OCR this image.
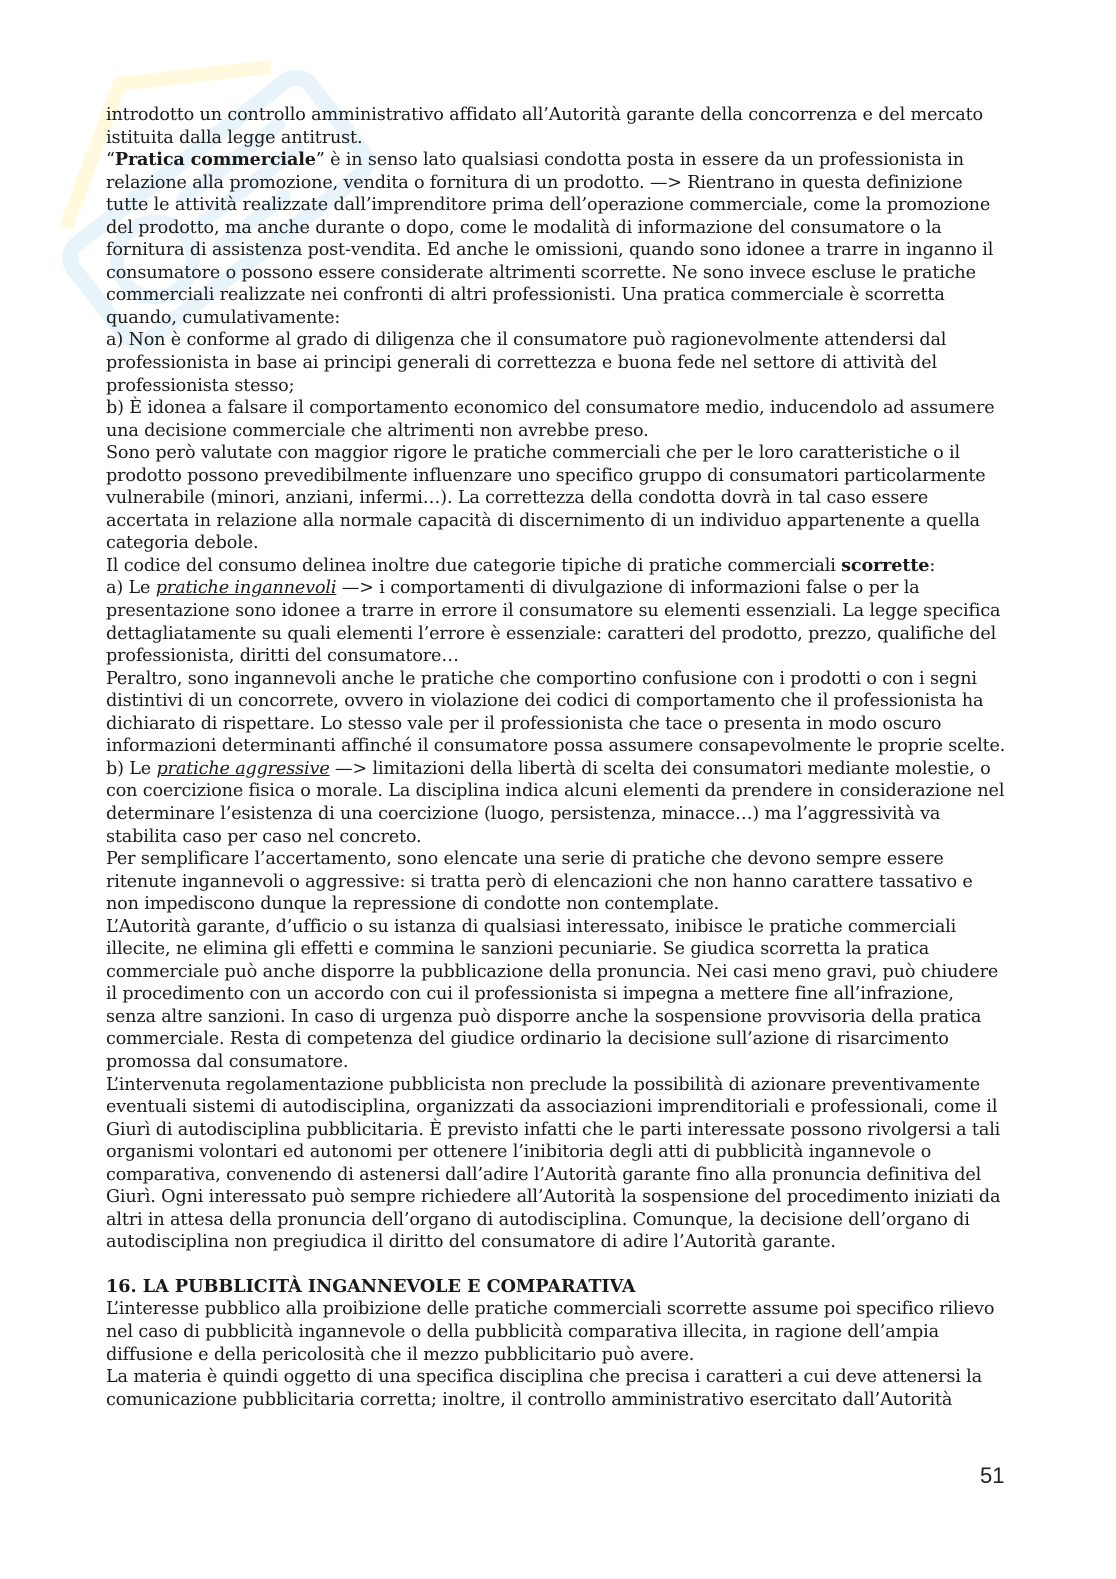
introdotto un controllo amministrativo affidato all’Autorità garante della concorrenza e del mercato istituita dalla legge antitrust.

“Pratica commerciale” è in senso lato qualsiasi condotta posta in essere da un professionista in relazione alla promozione, vendita o fornitura di un prodotto. —> Rientrano in questa definizione tutte le attività realizzate dall’imprenditore prima dell’operazione commerciale, come la promozione del prodotto, ma anche durante o dopo, come le modalità di informazione del consumatore o la fornitura di assistenza post-vendita. Ed anche le omissioni, quando sono idonee a trarre in inganno il consumatore o possono essere considerate altrimenti scorrette. Ne sono invece escluse le pratiche commerciali realizzate nei confronti di altri professionisti. Una pratica commerciale è scorretta quando, cumulativamente:

a) Non è conforme al grado di diligenza che il consumatore può ragionevolmente attendersi dal professionista in base ai principi generali di correttezza e buona fede nel settore di attività del professionista stesso;

b) È idonea a falsare il comportamento economico del consumatore medio, inducendolo ad assumere una decisione commerciale che altrimenti non avrebbe preso.

Sono però valutate con maggior rigore le pratiche commerciali che per le loro caratteristiche o il prodotto possono prevedibilmente influenzare uno specifico gruppo di consumatori particolarmente vulnerabile (minori, anziani, infermi…). La correttezza della condotta dovrà in tal caso essere accertata in relazione alla normale capacità di discernimento di un individuo appartenente a quella categoria debole.

Il codice del consumo delinea inoltre due categorie tipiche di pratiche commerciali scorrette:

a) Le pratiche ingannevoli —> i comportamenti di divulgazione di informazioni false o per la presentazione sono idonee a trarre in errore il consumatore su elementi essenziali. La legge specifica dettagliatamente su quali elementi l’errore è essenziale: caratteri del prodotto, prezzo, qualifiche del professionista, diritti del consumatore…

Peraltro, sono ingannevoli anche le pratiche che comportino confusione con i prodotti o con i segni distintivi di un concorrete, ovvero in violazione dei codici di comportamento che il professionista ha dichiarato di rispettare. Lo stesso vale per il professionista che tace o presenta in modo oscuro informazioni determinanti affinché il consumatore possa assumere consapevolmente le proprie scelte.

b) Le pratiche aggressive —> limitazioni della libertà di scelta dei consumatori mediante molestie, o con coercizione fisica o morale. La disciplina indica alcuni elementi da prendere in considerazione nel determinare l’esistenza di una coercizione (luogo, persistenza, minacce…) ma l’aggressività va stabilita caso per caso nel concreto.

Per semplificare l’accertamento, sono elencate una serie di pratiche che devono sempre essere ritenute ingannevoli o aggressive: si tratta però di elencazioni che non hanno carattere tassativo e non impediscono dunque la repressione di condotte non contemplate.

L’Autorità garante, d’ufficio o su istanza di qualsiasi interessato, inibisce le pratiche commerciali illecite, ne elimina gli effetti e commina le sanzioni pecuniarie. Se giudica scorretta la pratica commerciale può anche disporre la pubblicazione della pronuncia. Nei casi meno gravi, può chiudere il procedimento con un accordo con cui il professionista si impegna a mettere fine all’infrazione, senza altre sanzioni. In caso di urgenza può disporre anche la sospensione provvisoria della pratica commerciale. Resta di competenza del giudice ordinario la decisione sull’azione di risarcimento promossa dal consumatore.

L’intervenuta regolamentazione pubblicista non preclude la possibilità di azionare preventivamente eventuali sistemi di autodisciplina, organizzati da associazioni imprenditoriali e professionali, come il Giurì di autodisciplina pubblicitaria. È previsto infatti che le parti interessate possono rivolgersi a tali organismi volontari ed autonomi per ottenere l’inibitoria degli atti di pubblicità ingannevole o comparativa, convenendo di astenersi dall’adire l’Autorità garante fino alla pronuncia definitiva del Giurì. Ogni interessato può sempre richiedere all’Autorità la sospensione del procedimento iniziati da altri in attesa della pronuncia dell’organo di autodisciplina. Comunque, la decisione dell’organo di autodisciplina non pregiudica il diritto del consumatore di adire l’Autorità garante.

16. LA PUBBLICITÀ INGANNEVOLE E COMPARATIVA

L’interesse pubblico alla proibizione delle pratiche commerciali scorrette assume poi specifico rilievo nel caso di pubblicità ingannevole o della pubblicità comparativa illecita, in ragione dell’ampia diffusione e della pericolosità che il mezzo pubblicitario può avere.

La materia è quindi oggetto di una specifica disciplina che precisa i caratteri a cui deve attenersi la comunicazione pubblicitaria corretta; inoltre, il controllo amministrativo esercitato dall’Autorità

51
